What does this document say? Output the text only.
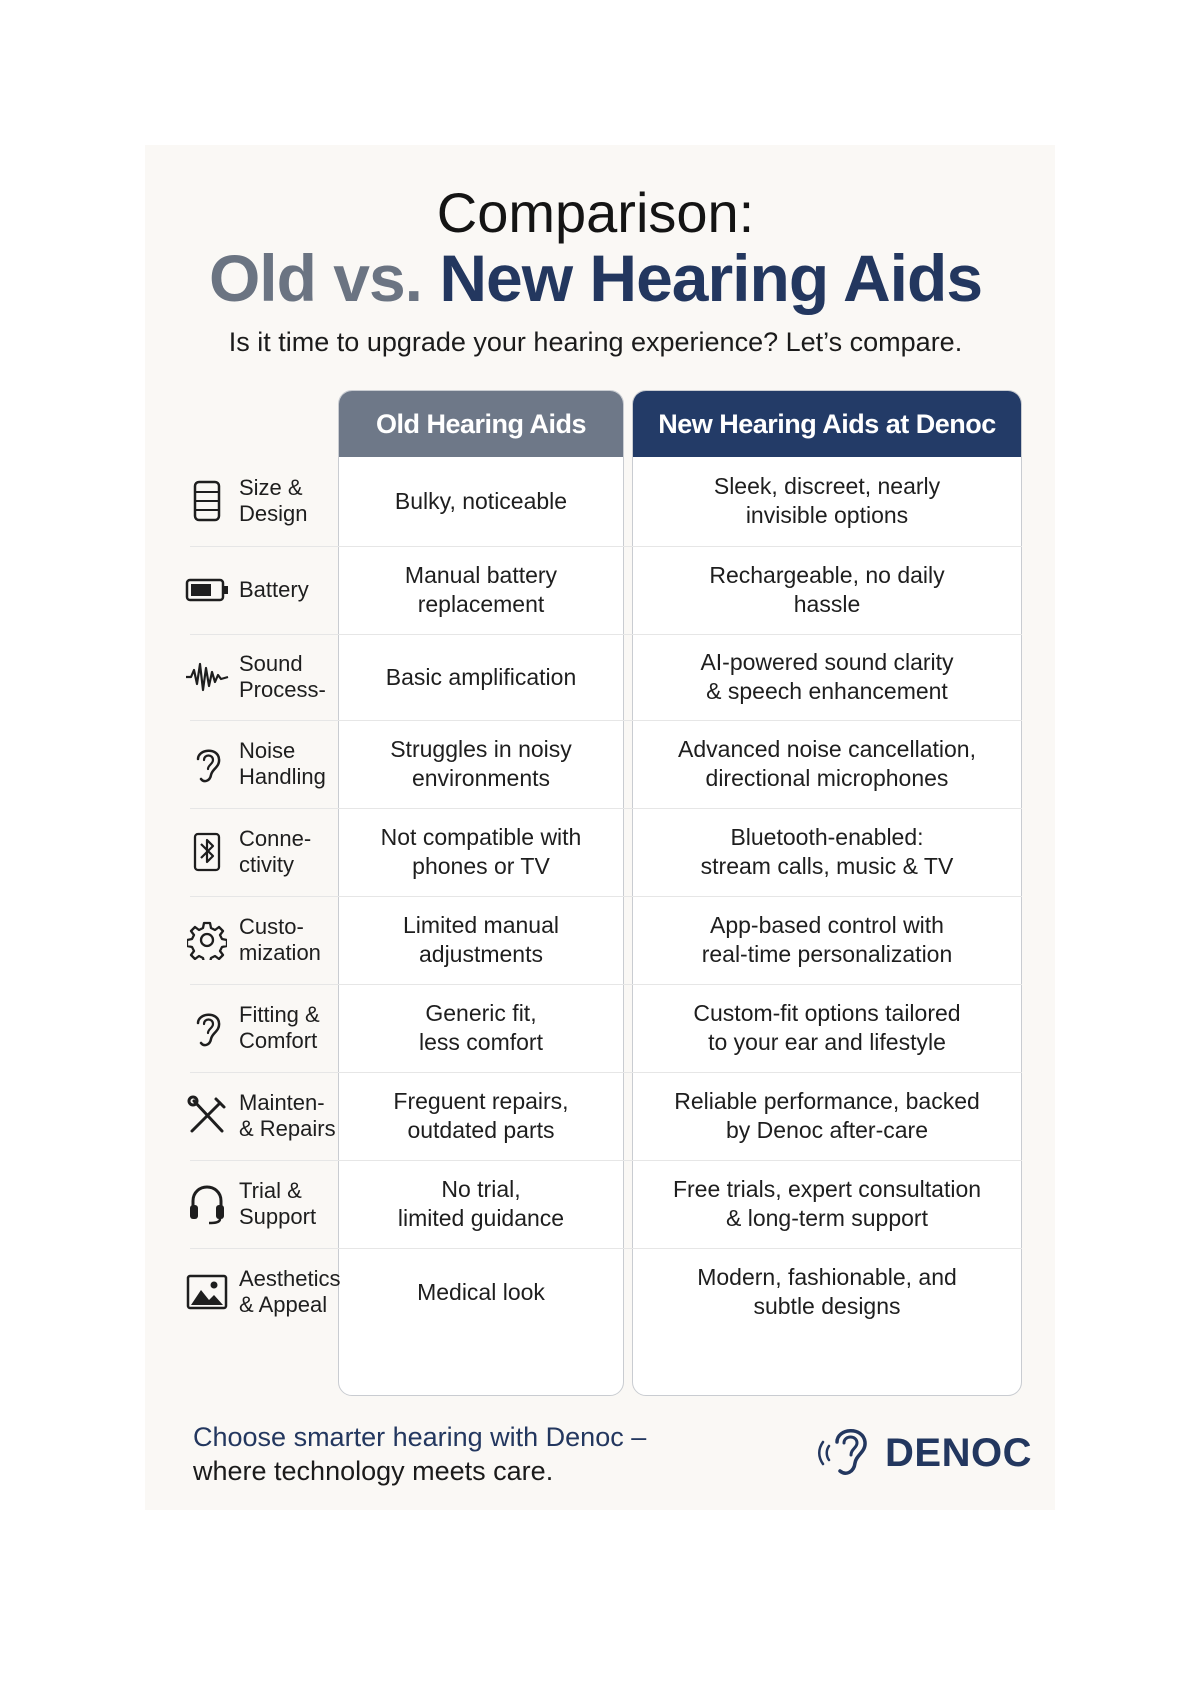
Comparison:
Old vs. New Hearing Aids
Is it time to upgrade your hearing experience? Let’s compare.
Old Hearing Aids	New Hearing Aids at Denoc
Size &
Design
Battery
Sound
Process-
Noise
Handling
Conne-
ctivity
Custo-
mization
Fitting &
Comfort
Mainten-
& Repairs
Trial &
Support
Aesthetics
& Appeal
Bulky, noticeable
Sleek, discreet, nearly
invisible options
Manual battery
replacement
Rechargeable, no daily
hassle
Basic amplification
AI-powered sound clarity
& speech enhancement
Struggles in noisy
environments
Advanced noise cancellation,
directional microphones
Not compatible with
phones or TV
Bluetooth-enabled:
stream calls, music & TV
Limited manual
adjustments
App-based control with
real-time personalization
Generic fit,
less comfort
Custom-fit options tailored
to your ear and lifestyle
Freguent repairs,
outdated parts
Reliable performance, backed
by Denoc after-care
No trial,
limited guidance
Free trials, expert consultation
& long-term support
Medical look
Modern, fashionable, and
subtle designs
Choose smarter hearing with Denoc –
where technology meets care.	DENOC
